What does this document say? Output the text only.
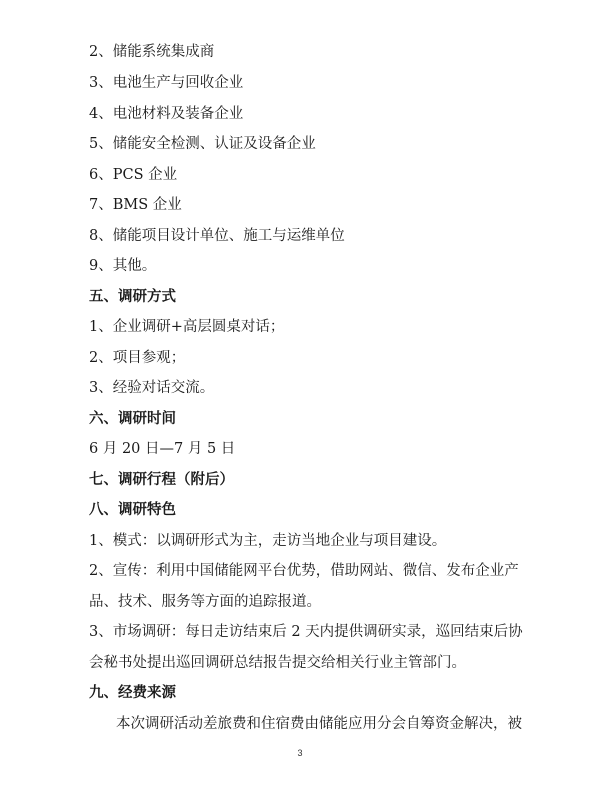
2、储能系统集成商
3、电池生产与回收企业
4、电池材料及装备企业
5、储能安全检测、认证及设备企业
6、PCS 企业
7、BMS 企业
8、储能项目设计单位、施工与运维单位
9、其他。
五、调研方式
1、企业调研+高层圆桌对话；
2、项目参观；
3、经验对话交流。
六、调研时间
6 月 20 日—7 月 5 日
七、调研行程（附后）
八、调研特色
1、模式：以调研形式为主，走访当地企业与项目建设。
2、宣传：利用中国储能网平台优势，借助网站、微信、发布企业产
品、技术、服务等方面的追踪报道。
3、市场调研：每日走访结束后 2 天内提供调研实录，巡回结束后协
会秘书处提出巡回调研总结报告提交给相关行业主管部门。
九、经费来源
本次调研活动差旅费和住宿费由储能应用分会自筹资金解决，被
3
